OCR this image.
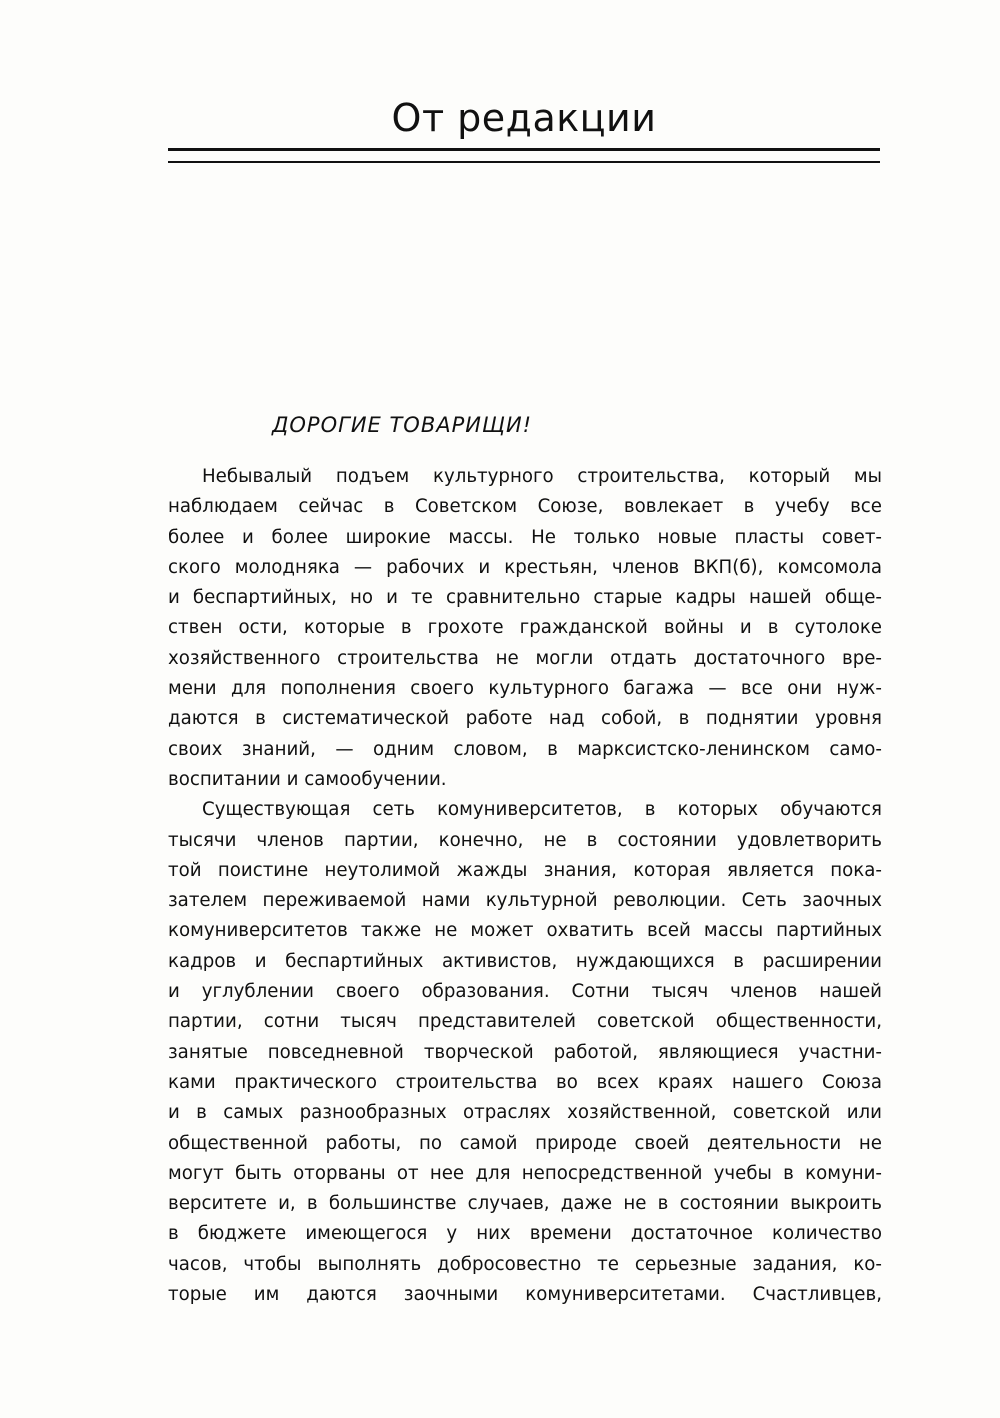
От редакции
ДОРОГИЕ ТОВАРИЩИ!
Небывалый подъем культурного строительства, который мы
наблюдаем сейчас в Советском Союзе, вовлекает в учебу все
более и более широкие массы. Не только новые пласты совет-
ского молодняка — рабочих и крестьян, членов ВКП(б), комсомола
и беспартийных, но и те сравнительно старые кадры нашей обще-
ствен ости, которые в грохоте гражданской войны и в сутолоке
хозяйственного строительства не могли отдать достаточного вре-
мени для пополнения своего культурного багажа — все они нуж-
даются в систематической работе над собой, в поднятии уровня
своих знаний, — одним словом, в марксистско-ленинском само-
воспитании и самообучении.
Существующая сеть комуниверситетов, в которых обучаются
тысячи членов партии, конечно, не в состоянии удовлетворить
той поистине неутолимой жажды знания, которая является пока-
зателем переживаемой нами культурной революции. Сеть заочных
комуниверситетов также не может охватить всей массы партийных
кадров и беспартийных активистов, нуждающихся в расширении
и углублении своего образования. Сотни тысяч членов нашей
партии, сотни тысяч представителей советской общественности,
занятые повседневной творческой работой, являющиеся участни-
ками практического строительства во всех краях нашего Союза
и в самых разнообразных отраслях хозяйственной, советской или
общественной работы, по самой природе своей деятельности не
могут быть оторваны от нее для непосредственной учебы в комуни-
верситете и, в большинстве случаев, даже не в состоянии выкроить
в бюджете имеющегося у них времени достаточное количество
часов, чтобы выполнять добросовестно те серьезные задания, ко-
торые им даются заочными комуниверситетами. Счастливцев,
